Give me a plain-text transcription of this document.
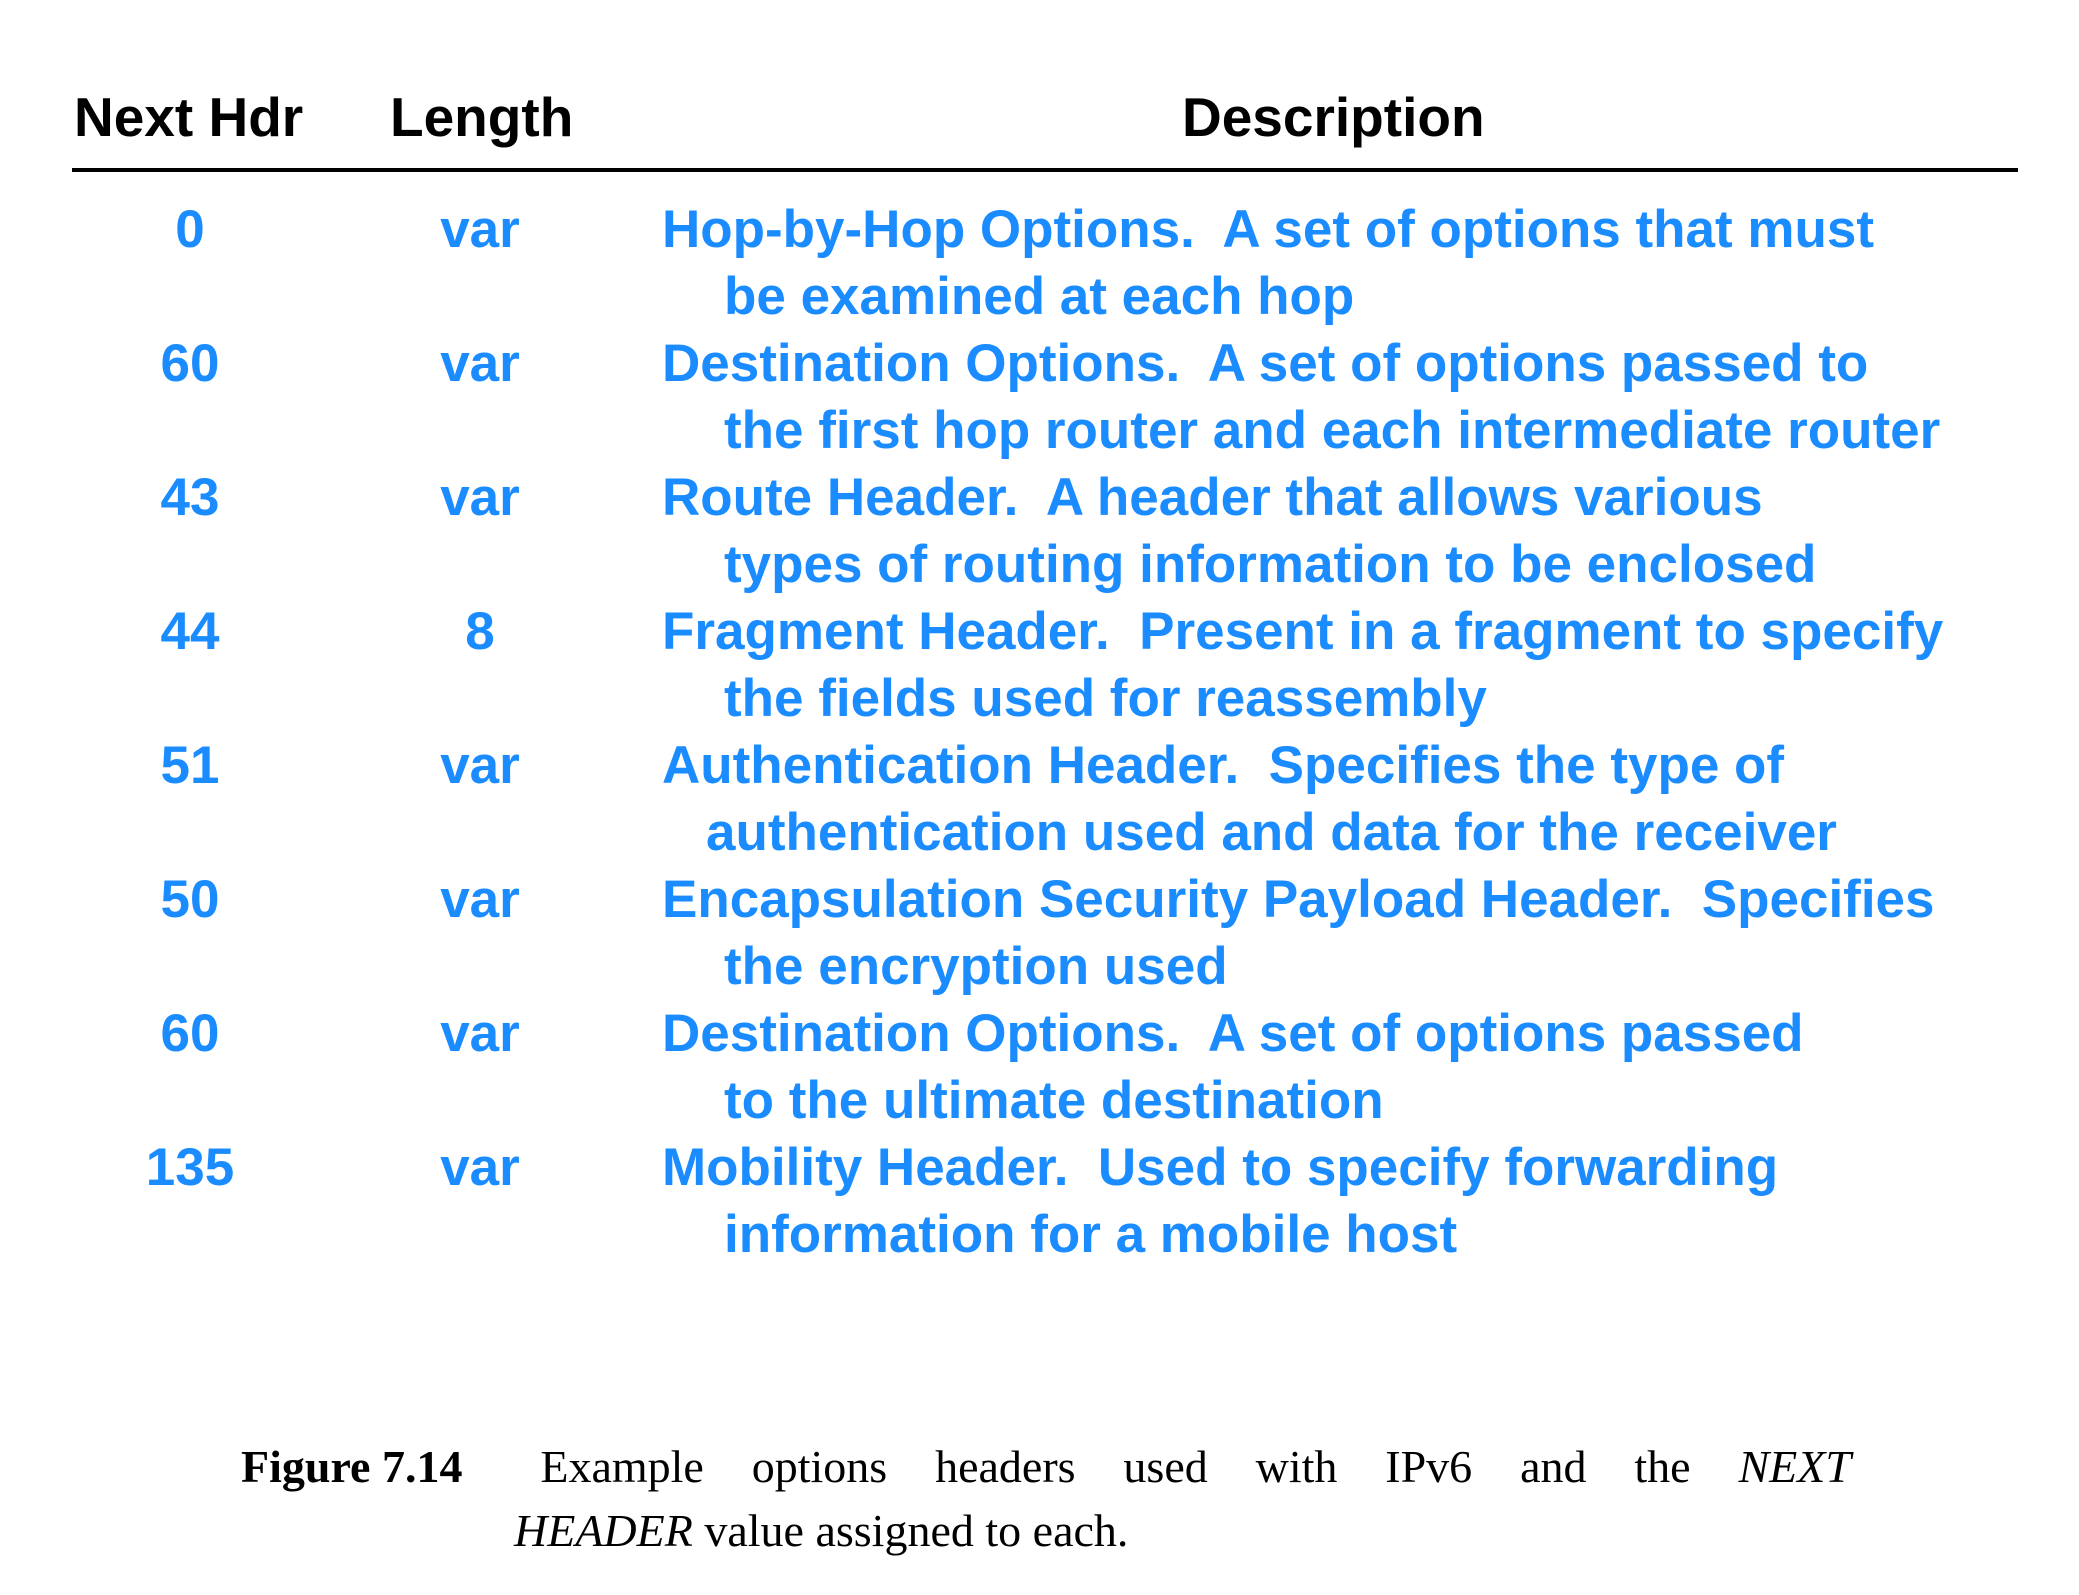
Next Hdr Length	Description
0	var	Hop-by-Hop Options.  A set of options that must
be examined at each hop
60	var	Destination Options.  A set of options passed to
the first hop router and each intermediate router
43	var	Route Header.  A header that allows various
types of routing information to be enclosed
44	8	Fragment Header.  Present in a fragment to specify
the fields used for reassembly
51	var	Authentication Header.  Specifies the type of
authentication used and data for the receiver
50	var	Encapsulation Security Payload Header.  Specifies
the encryption used
60	var	Destination Options.  A set of options passed
to the ultimate destination
135	var	Mobility Header.  Used to specify forwarding
information for a mobile host
Figure 7.14 Example options headers used with IPv6 and the NEXT
HEADER value assigned to each.
